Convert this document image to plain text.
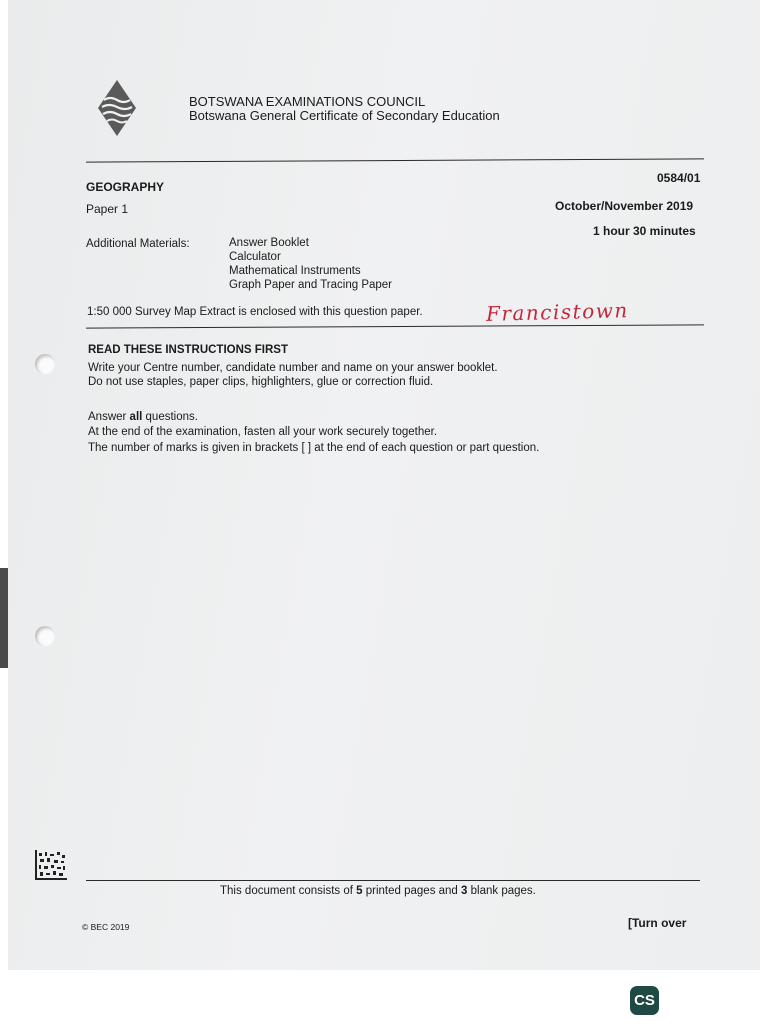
BOTSWANA EXAMINATIONS COUNCIL
Botswana General Certificate of Secondary Education
GEOGRAPHY
Paper 1
0584/01
October/November 2019
1 hour 30 minutes
Additional Materials:	Answer Booklet
Calculator
Mathematical Instruments
Graph Paper and Tracing Paper
1:50 000 Survey Map Extract is enclosed with this question paper.	Francistown
READ THESE INSTRUCTIONS FIRST
Write your Centre number, candidate number and name on your answer booklet.
Do not use staples, paper clips, highlighters, glue or correction fluid.
Answer all questions.
At the end of the examination, fasten all your work securely together.
The number of marks is given in brackets [ ] at the end of each question or part question.
This document consists of 5 printed pages and 3 blank pages.
© BEC 2019	[Turn over
CS
